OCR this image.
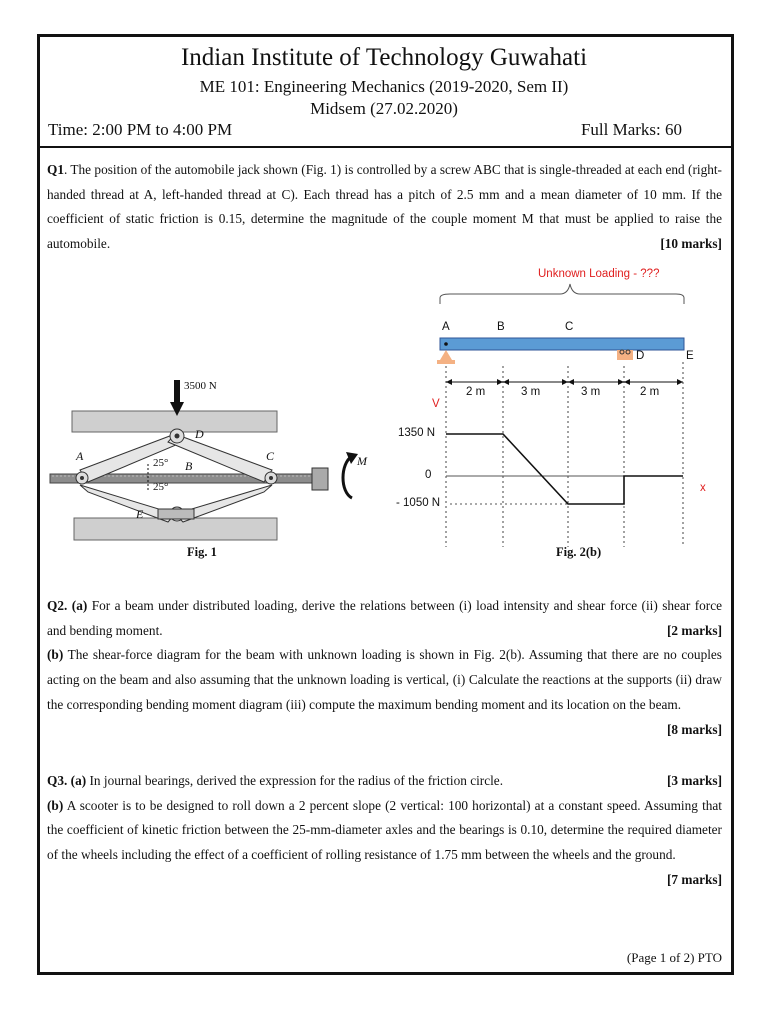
Indian Institute of Technology Guwahati
ME 101: Engineering Mechanics (2019-2020, Sem II)
Midsem (27.02.2020)
Time: 2:00 PM to 4:00 PM	Full Marks: 60
Q1. The position of the automobile jack shown (Fig. 1) is controlled by a screw ABC that is single-threaded at each end (right-handed thread at A, left-handed thread at C). Each thread has a pitch of 2.5 mm and a mean diameter of 10 mm. If the coefficient of static friction is 0.15, determine the magnitude of the couple moment M that must be applied to raise the automobile.	[10 marks]
3500 N
A
B
C
D
E
M
25°
25°
Fig. 1
Unknown Loading - ???
A	B	C
D	E
2 m	3 m	3 m	2 m
V
x
1350 N
0
- 1050 N
Fig. 2(b)
Q2. (a) For a beam under distributed loading, derive the relations between (i) load intensity and shear force (ii) shear force and bending moment.	[2 marks]
(b) The shear-force diagram for the beam with unknown loading is shown in Fig. 2(b). Assuming that there are no couples acting on the beam and also assuming that the unknown loading is vertical, (i) Calculate the reactions at the supports (ii) draw the corresponding bending moment diagram (iii) compute the maximum bending moment and its location on the beam.
[8 marks]
Q3. (a) In journal bearings, derived the expression for the radius of the friction circle.	[3 marks]
(b) A scooter is to be designed to roll down a 2 percent slope (2 vertical: 100 horizontal) at a constant speed. Assuming that the coefficient of kinetic friction between the 25-mm-diameter axles and the bearings is 0.10, determine the required diameter of the wheels including the effect of a coefficient of rolling resistance of 1.75 mm between the wheels and the ground.
[7 marks]
(Page 1 of 2) PTO
